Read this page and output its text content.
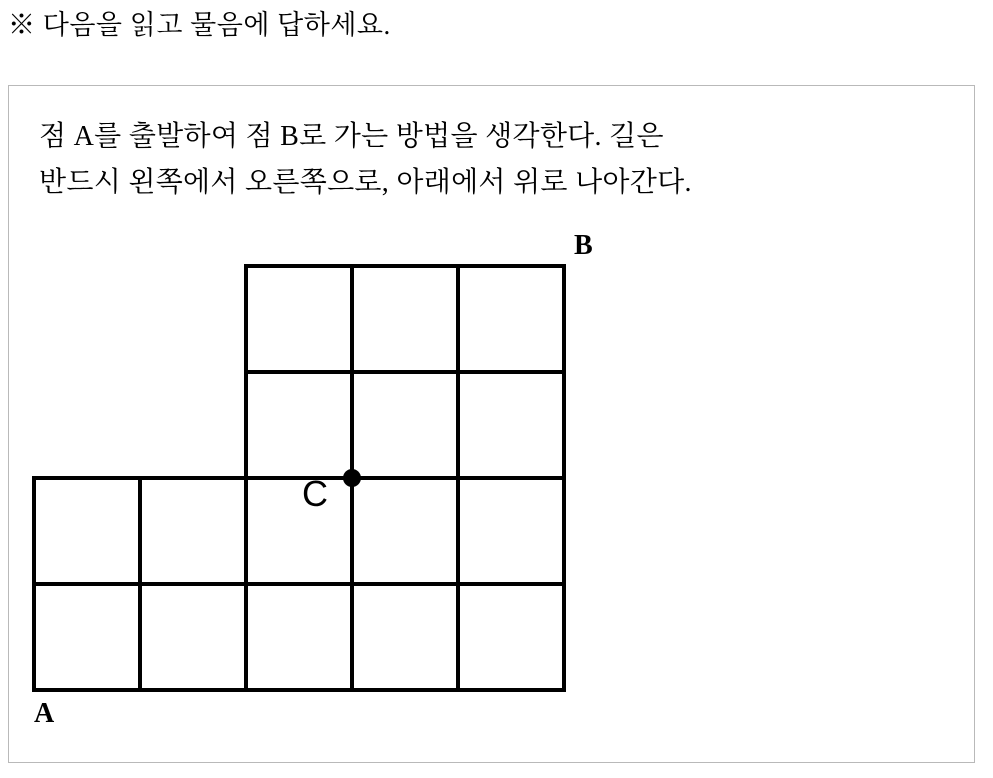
※ 다음을 읽고 물음에 답하세요.
점 A를 출발하여 점 B로 가는 방법을 생각한다. 길은
반드시 왼쪽에서 오른쪽으로, 아래에서 위로 나아간다.
B
A
C
